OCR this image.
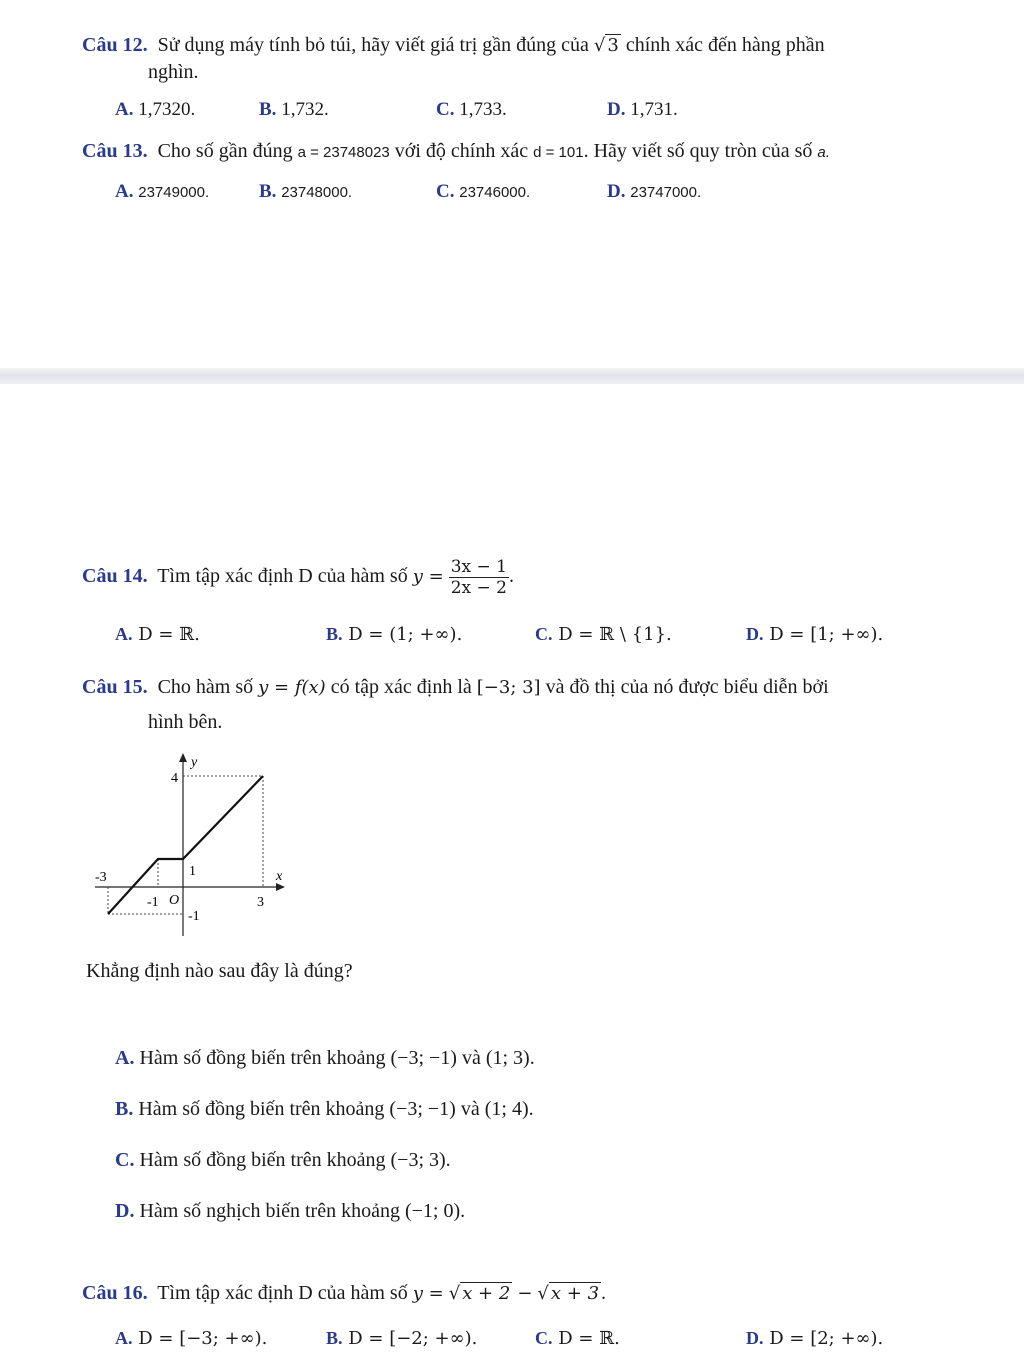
Câu 12. Sử dụng máy tính bỏ túi, hãy viết giá trị gần đúng của √ 3 chính xác đến hàng phần
nghìn.
A. 1,7320.	B. 1,732.	C. 1,733.	D. 1,731.
Câu 13. Cho số gần đúng a = 23748023 với độ chính xác d = 101. Hãy viết số quy tròn của số a.
A. 23749000.	B. 23748000.	C. 23746000.	D. 23747000.
Câu 14. Tìm tập xác định D của hàm số $y = \frac{3x - 1}{2x - 2}$ .
A. D = ℝ.	B. D = (1; +∞).	C. D = ℝ \ {1}.	D. D = [1; +∞).
Câu 15. Cho hàm số y = f(x) có tập xác định là [−3; 3] và đồ thị của nó được biểu diễn bởi
hình bên.
y
4
-3	1	x
-1 O	3
-1
Khẳng định nào sau đây là đúng?
A. Hàm số đồng biến trên khoảng (−3; −1) và (1; 3).
B. Hàm số đồng biến trên khoảng (−3; −1) và (1; 4).
C. Hàm số đồng biến trên khoảng (−3; 3).
D. Hàm số nghịch biến trên khoảng (−1; 0).
Câu 16. Tìm tập xác định D của hàm số y = √ x + 2 − √ x + 3 .
A. D = [−3; +∞).	B. D = [−2; +∞).	C. D = ℝ.	D. D = [2; +∞).
